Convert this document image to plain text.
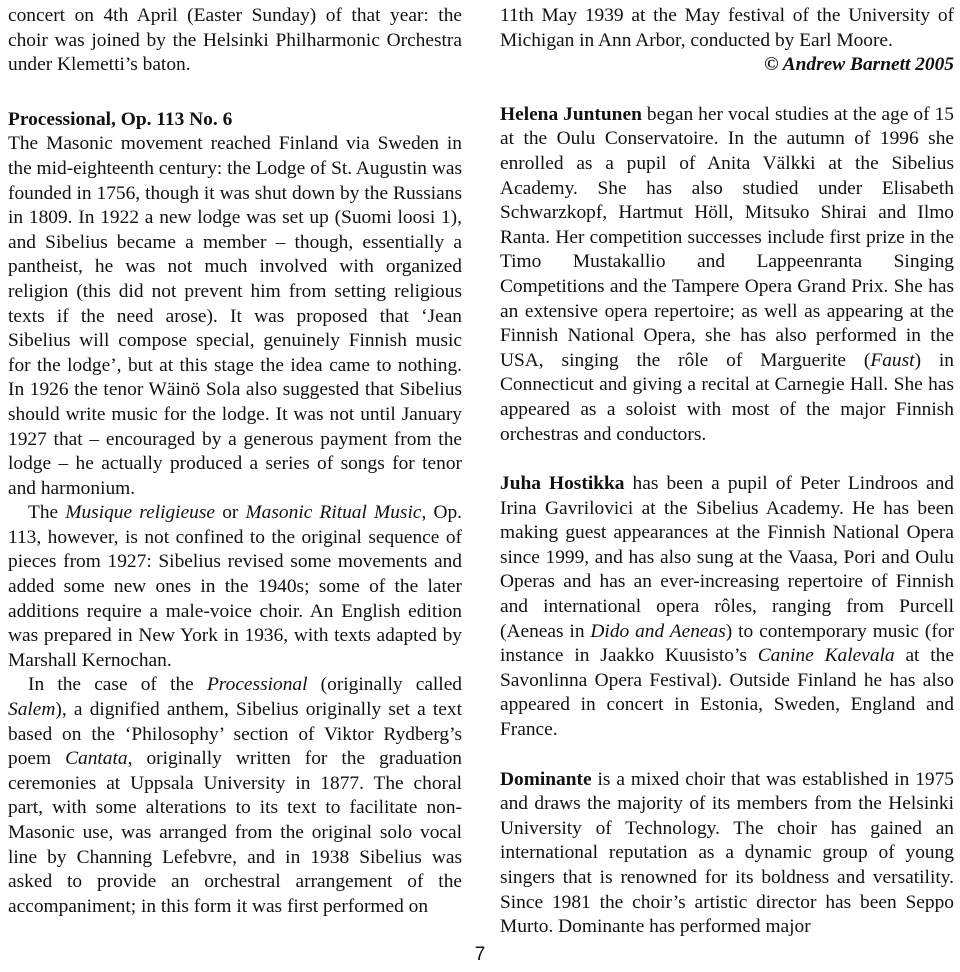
concert on 4th April (Easter Sunday) of that year: the choir was joined by the Helsinki Philharmonic Orchestra under Klemetti’s baton.

Processional, Op. 113 No. 6
The Masonic movement reached Finland via Sweden in the mid-eighteenth century: the Lodge of St. Augustin was founded in 1756, though it was shut down by the Russians in 1809. In 1922 a new lodge was set up (Suomi loosi 1), and Sibelius became a member – though, essentially a pantheist, he was not much involved with organized religion (this did not prevent him from setting religious texts if the need arose). It was proposed that ‘Jean Sibelius will compose special, genuinely Finnish music for the lodge’, but at this stage the idea came to nothing. In 1926 the tenor Wäinö Sola also suggested that Sibelius should write music for the lodge. It was not until January 1927 that – encouraged by a generous payment from the lodge – he actually produced a series of songs for tenor and harmonium.

The Musique religieuse or Masonic Ritual Music, Op. 113, however, is not confined to the original sequence of pieces from 1927: Sibelius revised some movements and added some new ones in the 1940s; some of the later additions require a male-voice choir. An English edition was prepared in New York in 1936, with texts adapted by Marshall Kernochan.

In the case of the Processional (originally called Salem), a dignified anthem, Sibelius originally set a text based on the ‘Philosophy’ section of Viktor Rydberg’s poem Cantata, originally written for the graduation ceremonies at Uppsala University in 1877. The choral part, with some alterations to its text to facilitate non-Masonic use, was arranged from the original solo vocal line by Channing Lefebvre, and in 1938 Sibelius was asked to provide an orchestral arrangement of the accompaniment; in this form it was first performed on

11th May 1939 at the May festival of the University of Michigan in Ann Arbor, conducted by Earl Moore.

© Andrew Barnett 2005

Helena Juntunen began her vocal studies at the age of 15 at the Oulu Conservatoire. In the autumn of 1996 she enrolled as a pupil of Anita Välkki at the Sibelius Academy. She has also studied under Elisabeth Schwarzkopf, Hartmut Höll, Mitsuko Shirai and Ilmo Ranta. Her competition successes include first prize in the Timo Mustakallio and Lappeenranta Singing Competitions and the Tampere Opera Grand Prix. She has an extensive opera repertoire; as well as appearing at the Finnish National Opera, she has also performed in the USA, singing the rôle of Marguerite (Faust) in Connecticut and giving a recital at Carnegie Hall. She has appeared as a soloist with most of the major Finnish orchestras and conductors.

Juha Hostikka has been a pupil of Peter Lindroos and Irina Gavrilovici at the Sibelius Academy. He has been making guest appearances at the Finnish National Opera since 1999, and has also sung at the Vaasa, Pori and Oulu Operas and has an ever-increasing repertoire of Finnish and international opera rôles, ranging from Purcell (Aeneas in Dido and Aeneas) to contemporary music (for instance in Jaakko Kuusisto’s Canine Kalevala at the Savonlinna Opera Festival). Outside Finland he has also appeared in concert in Estonia, Sweden, England and France.

Dominante is a mixed choir that was established in 1975 and draws the majority of its members from the Helsinki University of Technology. The choir has gained an international reputation as a dynamic group of young singers that is renowned for its boldness and versatility. Since 1981 the choir’s artistic director has been Seppo Murto. Dominante has performed major

7
